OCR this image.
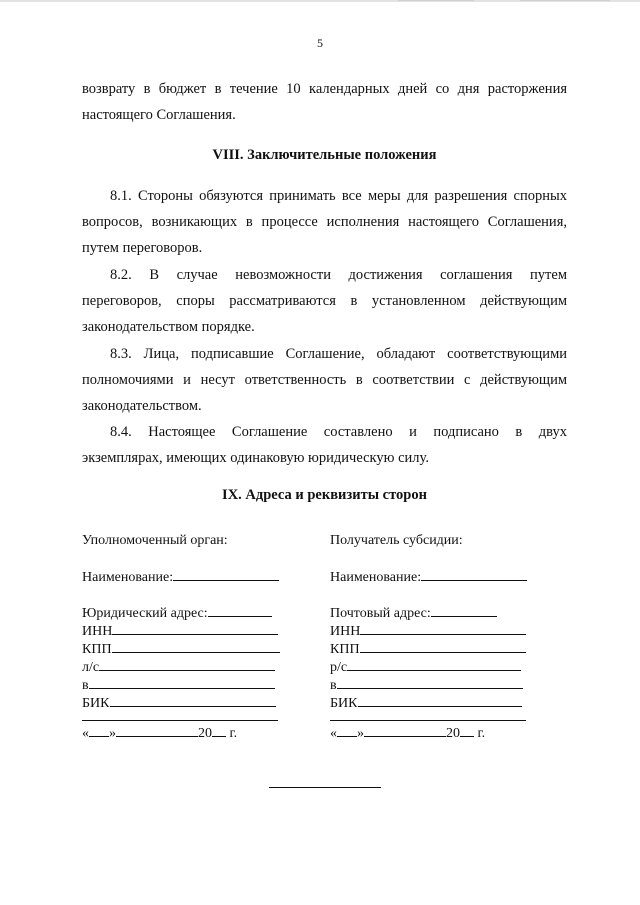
5

возврату в бюджет в течение 10 календарных дней со дня расторжения

настоящего Соглашения.

VIII. Заключительные положения

8.1. Стороны обязуются принимать все меры для разрешения спорных

вопросов, возникающих в процессе исполнения настоящего Соглашения,

путем переговоров.

8.2. В случае невозможности достижения соглашения путем

переговоров, споры рассматриваются в установленном действующим

законодательством порядке.

8.3. Лица, подписавшие Соглашение, обладают соответствующими

полномочиями и несут ответственность в соответствии с действующим

законодательством.

8.4. Настоящее Соглашение составлено и подписано в двух

экземплярах, имеющих одинаковую юридическую силу.

IX. Адреса и реквизиты сторон
Уполномоченный орган:
Наименование:
Юридический адрес:
ИНН
КПП
л/с
в
БИК
« »	20 г.
Получатель субсидии:
Наименование:
Почтовый адрес:
ИНН
КПП
р/с
в
БИК
« »	20 г.
